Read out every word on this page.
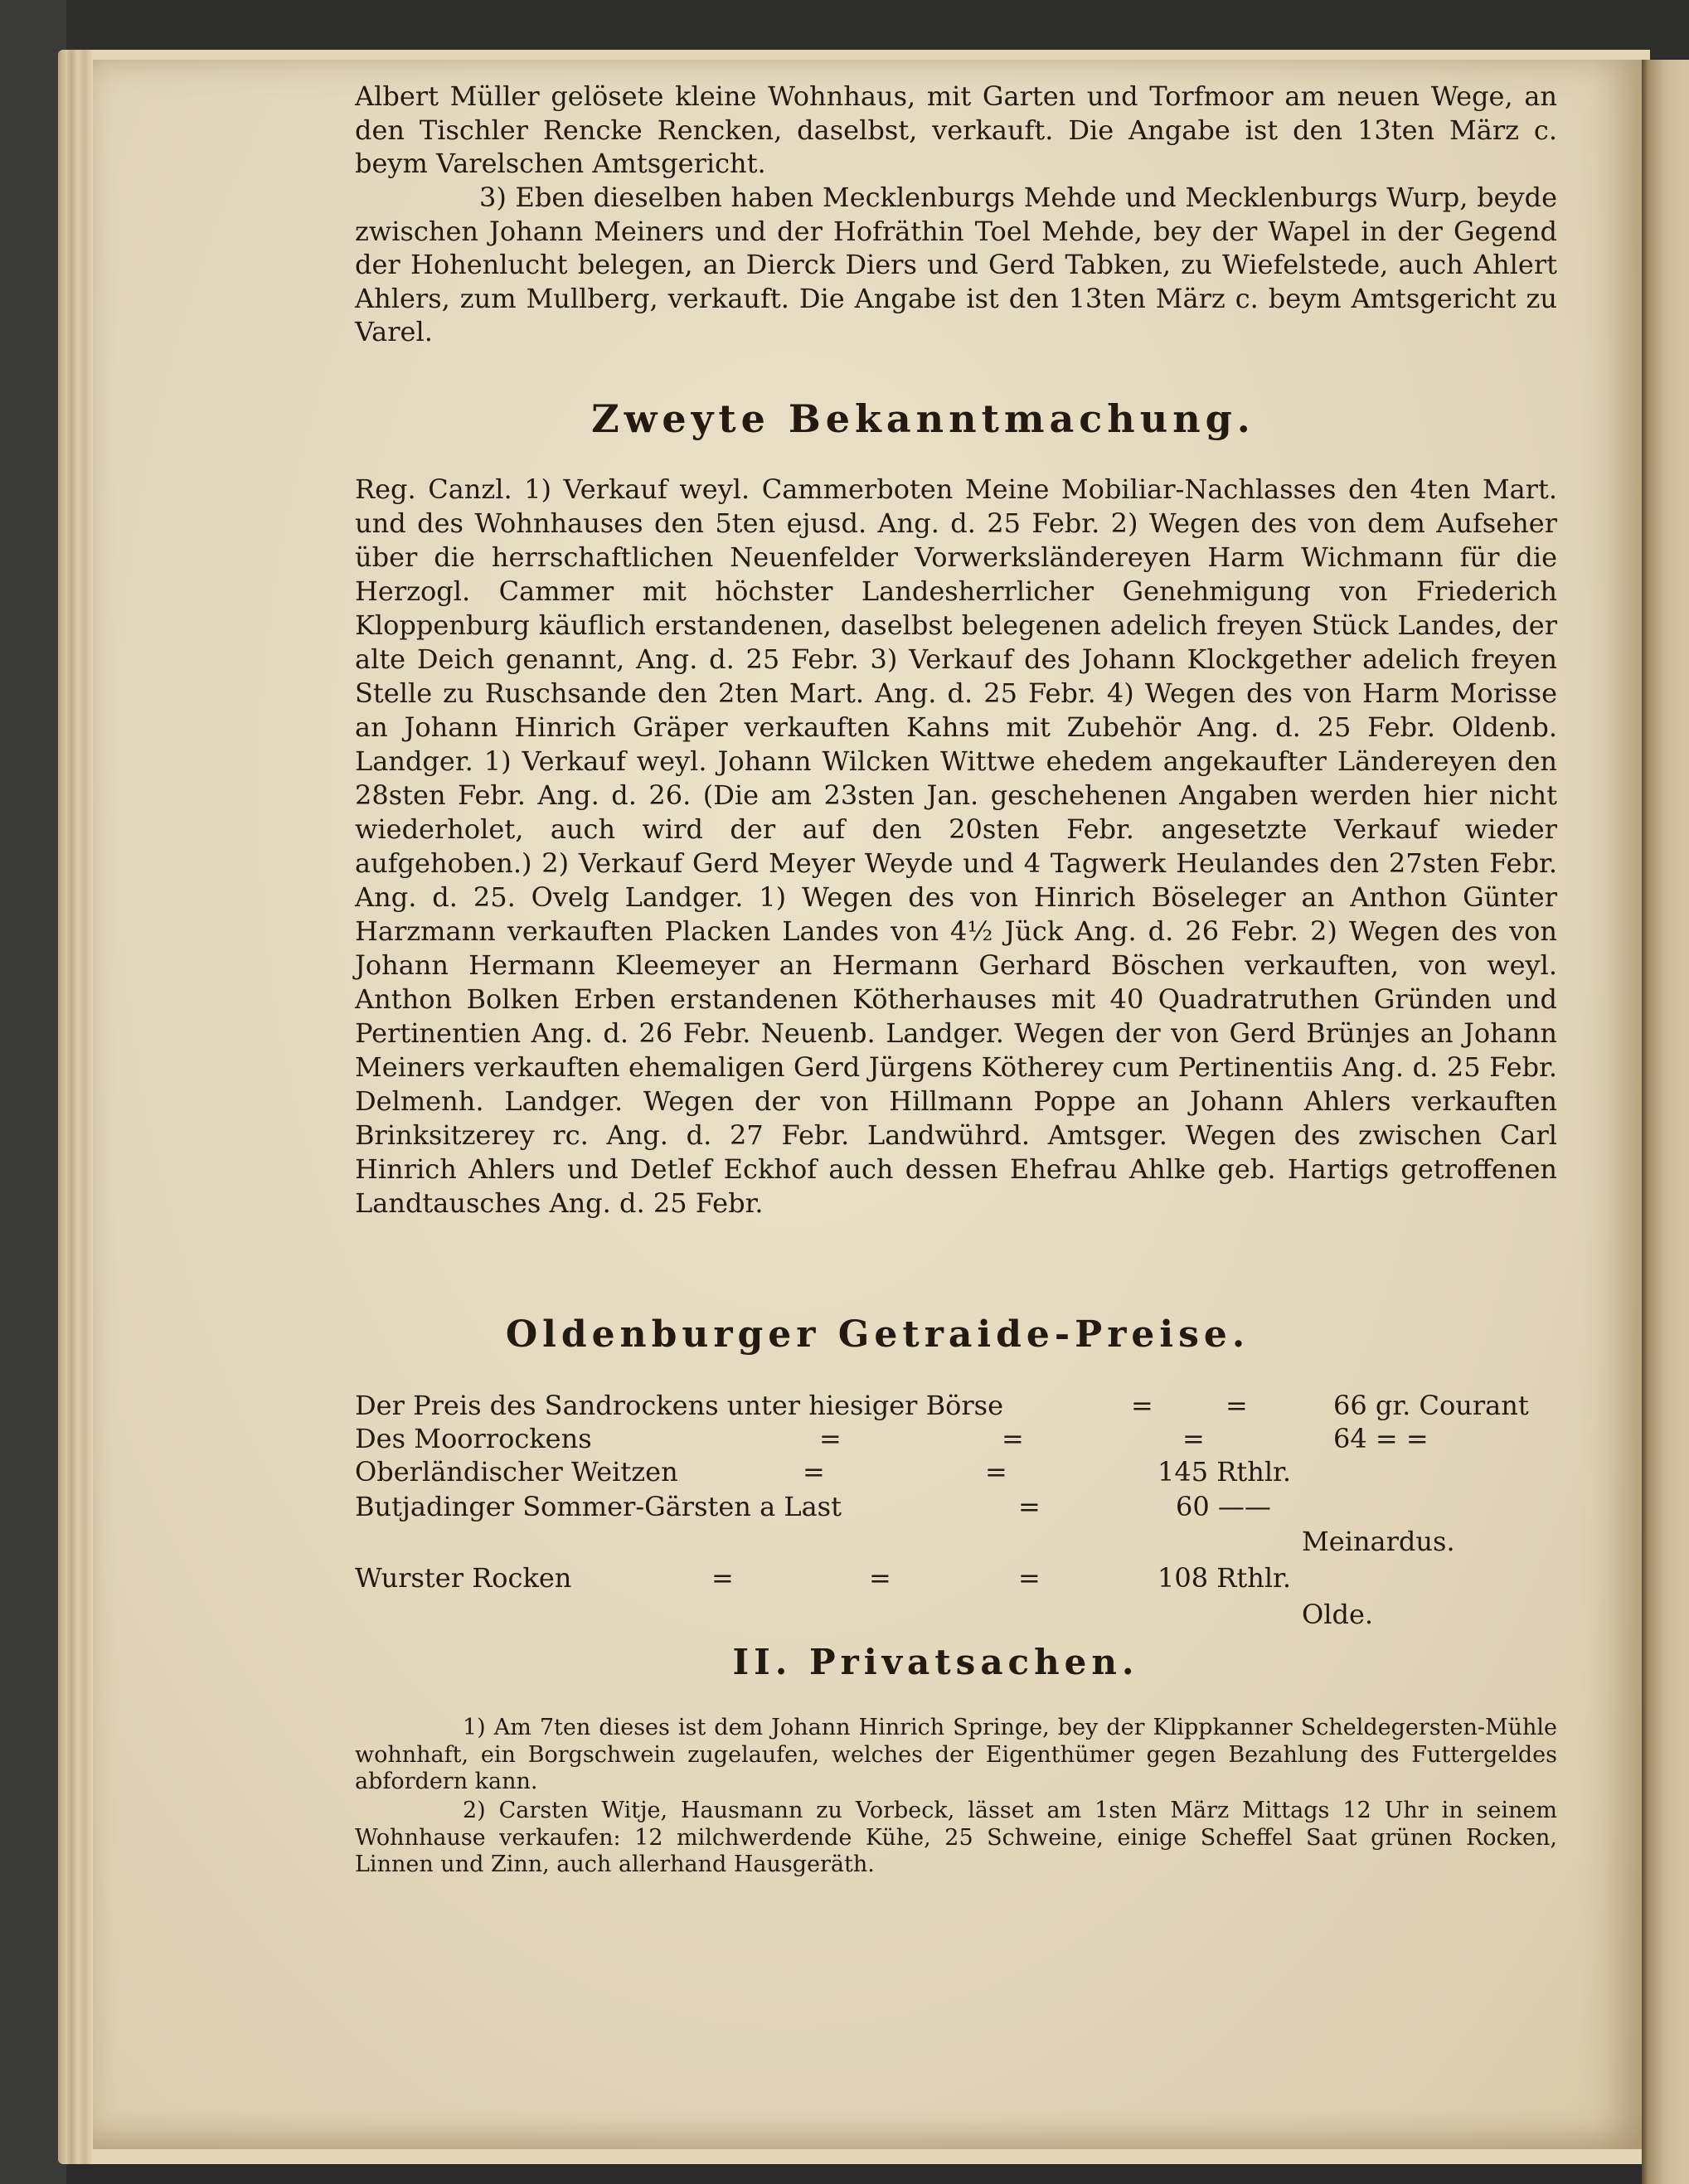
Albert Müller gelösete kleine Wohnhaus, mit Garten und Torfmoor am neuen Wege, an den Tischler Rencke Rencken, daselbst, verkauft. Die Angabe ist den 13ten März c. beym Varelschen Amtsgericht.
3) Eben dieselben haben Mecklenburgs Mehde und Mecklenburgs Wurp, beyde zwischen Johann Meiners und der Hofräthin Toel Mehde, bey der Wapel in der Gegend der Hohenlucht belegen, an Dierck Diers und Gerd Tabken, zu Wiefelstede, auch Ahlert Ahlers, zum Mullberg, verkauft. Die Angabe ist den 13ten März c. beym Amtsgericht zu Varel.
Zweyte Bekanntmachung.
Reg. Canzl. 1) Verkauf weyl. Cammerboten Meine Mobiliar-Nachlasses den 4ten Mart. und des Wohnhauses den 5ten ejusd. Ang. d. 25 Febr. 2) Wegen des von dem Aufseher über die herrschaftlichen Neuenfelder Vorwerksländereyen Harm Wichmann für die Herzogl. Cammer mit höchster Landesherrlicher Genehmigung von Friederich Kloppenburg käuflich erstandenen, daselbst belegenen adelich freyen Stück Landes, der alte Deich genannt, Ang. d. 25 Febr. 3) Verkauf des Johann Klockgether adelich freyen Stelle zu Ruschsande den 2ten Mart. Ang. d. 25 Febr. 4) Wegen des von Harm Morisse an Johann Hinrich Gräper verkauften Kahns mit Zubehör Ang. d. 25 Febr. Oldenb. Landger. 1) Verkauf weyl. Johann Wilcken Wittwe ehedem angekaufter Ländereyen den 28sten Febr. Ang. d. 26. (Die am 23sten Jan. geschehenen Angaben werden hier nicht wiederholet, auch wird der auf den 20sten Febr. angesetzte Verkauf wieder aufgehoben.) 2) Verkauf Gerd Meyer Weyde und 4 Tagwerk Heulandes den 27sten Febr. Ang. d. 25. Ovelg Landger. 1) Wegen des von Hinrich Böseleger an Anthon Günter Harzmann verkauften Placken Landes von 4½ Jück Ang. d. 26 Febr. 2) Wegen des von Johann Hermann Kleemeyer an Hermann Gerhard Böschen verkauften, von weyl. Anthon Bolken Erben erstandenen Kötherhauses mit 40 Quadratruthen Gründen und Pertinentien Ang. d. 26 Febr. Neuenb. Landger. Wegen der von Gerd Brünjes an Johann Meiners verkauften ehemaligen Gerd Jürgens Kötherey cum Pertinentiis Ang. d. 25 Febr. Delmenh. Landger. Wegen der von Hillmann Poppe an Johann Ahlers verkauften Brinksitzerey rc. Ang. d. 27 Febr. Landwührd. Amtsger. Wegen des zwischen Carl Hinrich Ahlers und Detlef Eckhof auch dessen Ehefrau Ahlke geb. Hartigs getroffenen Landtausches Ang. d. 25 Febr.
Oldenburger Getraide-Preise.
Der Preis des Sandrockens unter hiesiger Börse	=	=	66 gr. Courant
Des Moorrockens	=	=	=	64 = =
Oberländischer Weitzen	=	=	145 Rthlr.
Butjadinger Sommer-Gärsten a Last	=	60 ——
Meinardus.
Wurster Rocken	=	=	=	108 Rthlr.
Olde.
II. Privatsachen.
1) Am 7ten dieses ist dem Johann Hinrich Springe, bey der Klippkanner Scheldegersten-Mühle wohnhaft, ein Borgschwein zugelaufen, welches der Eigenthümer gegen Bezahlung des Futtergeldes abfordern kann.
2) Carsten Witje, Hausmann zu Vorbeck, lässet am 1sten März Mittags 12 Uhr in seinem Wohnhause verkaufen: 12 milchwerdende Kühe, 25 Schweine, einige Scheffel Saat grünen Rocken, Linnen und Zinn, auch allerhand Hausgeräth.
